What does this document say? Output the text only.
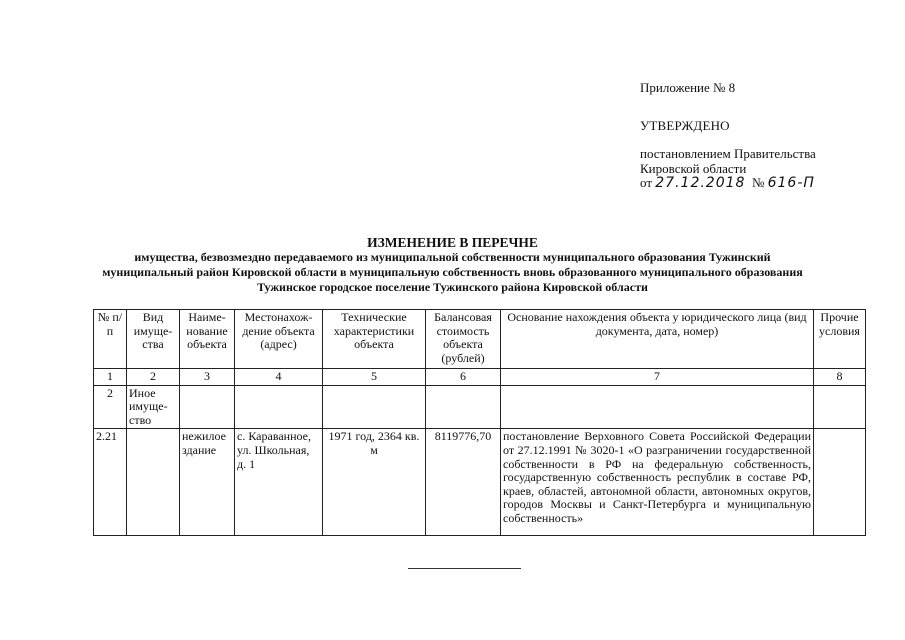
Приложение № 8
УТВЕРЖДЕНО
постановлением Правительства
Кировской области
от 27.12.2018 № 616-П
ИЗМЕНЕНИЕ В ПЕРЕЧНЕ
имущества, безвозмездно передаваемого из муниципальной собственности муниципального образования Тужинский
муниципальный район Кировской области в муниципальную собственность вновь образованного муниципального образования
Тужинское городское поселение Тужинского района Кировской области
№ п/п	Вид имуще-ства	Наиме-нование объекта	Местонахож-дение объекта (адрес)	Технические характеристики объекта	Балансовая стоимость объекта (рублей)	Основание нахождения объекта у юридического лица (вид документа, дата, номер)	Прочие условия
1	2	3	4	5	6	7	8
2	Иное имуще-ство						
2.21		нежилое здание	с. Караванное, ул. Школьная, д. 1	1971 год, 2364 кв. м	8119776,70	постановление Верховного Совета Российской Федерации от 27.12.1991 № 3020-1 «О разграничении государственной собственности в РФ на федеральную собственность, государственную собственность республик в составе РФ, краев, областей, автономной области, автономных округов, городов Москвы и Санкт-Петербурга и муниципальную собственность»	
